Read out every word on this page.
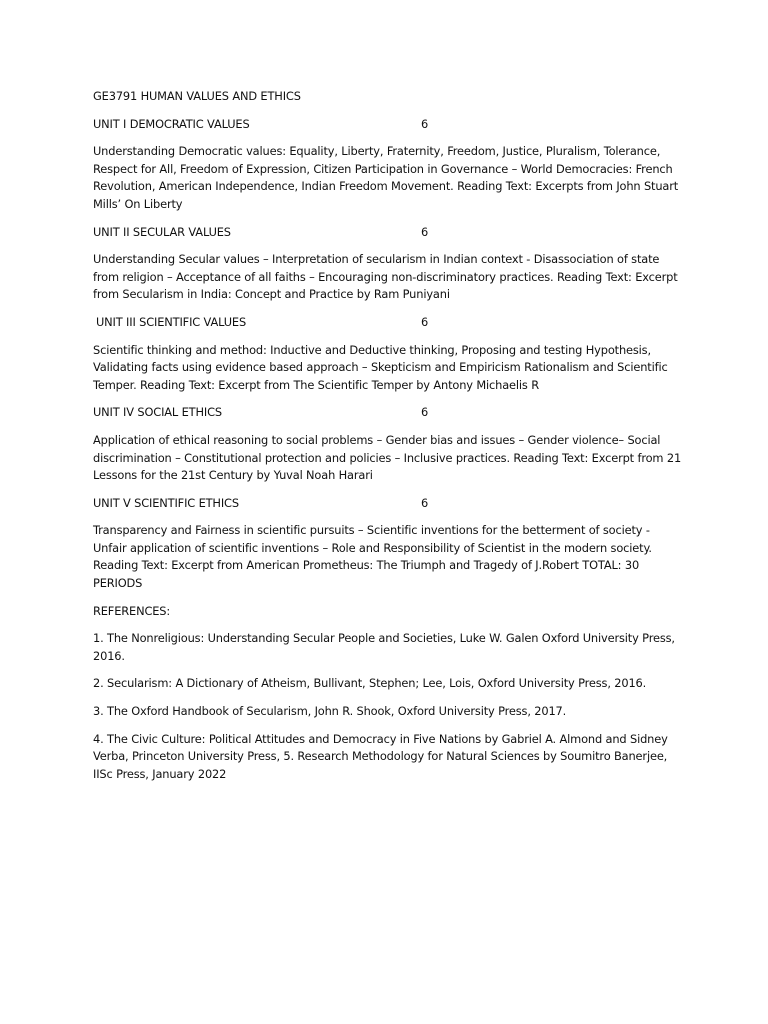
GE3791 HUMAN VALUES AND ETHICS
UNIT I DEMOCRATIC VALUES	6
Understanding Democratic values: Equality, Liberty, Fraternity, Freedom, Justice, Pluralism, Tolerance, Respect for All, Freedom of Expression, Citizen Participation in Governance – World Democracies: French Revolution, American Independence, Indian Freedom Movement. Reading Text: Excerpts from John Stuart Mills’ On Liberty
UNIT II SECULAR VALUES	6
Understanding Secular values – Interpretation of secularism in Indian context - Disassociation of state from religion – Acceptance of all faiths – Encouraging non-discriminatory practices. Reading Text: Excerpt from Secularism in India: Concept and Practice by Ram Puniyani
UNIT III SCIENTIFIC VALUES	6
Scientific thinking and method: Inductive and Deductive thinking, Proposing and testing Hypothesis, Validating facts using evidence based approach – Skepticism and Empiricism Rationalism and Scientific Temper. Reading Text: Excerpt from The Scientific Temper by Antony Michaelis R
UNIT IV SOCIAL ETHICS	6
Application of ethical reasoning to social problems – Gender bias and issues – Gender violence– Social discrimination – Constitutional protection and policies – Inclusive practices. Reading Text: Excerpt from 21 Lessons for the 21st Century by Yuval Noah Harari
UNIT V SCIENTIFIC ETHICS	6
Transparency and Fairness in scientific pursuits – Scientific inventions for the betterment of society - Unfair application of scientific inventions – Role and Responsibility of Scientist in the modern society. Reading Text: Excerpt from American Prometheus: The Triumph and Tragedy of J.Robert TOTAL: 30 PERIODS
REFERENCES:
1. The Nonreligious: Understanding Secular People and Societies, Luke W. Galen Oxford University Press, 2016.
2. Secularism: A Dictionary of Atheism, Bullivant, Stephen; Lee, Lois, Oxford University Press, 2016.
3. The Oxford Handbook of Secularism, John R. Shook, Oxford University Press, 2017.
4. The Civic Culture: Political Attitudes and Democracy in Five Nations by Gabriel A. Almond and Sidney Verba, Princeton University Press, 5. Research Methodology for Natural Sciences by Soumitro Banerjee, IISc Press, January 2022
